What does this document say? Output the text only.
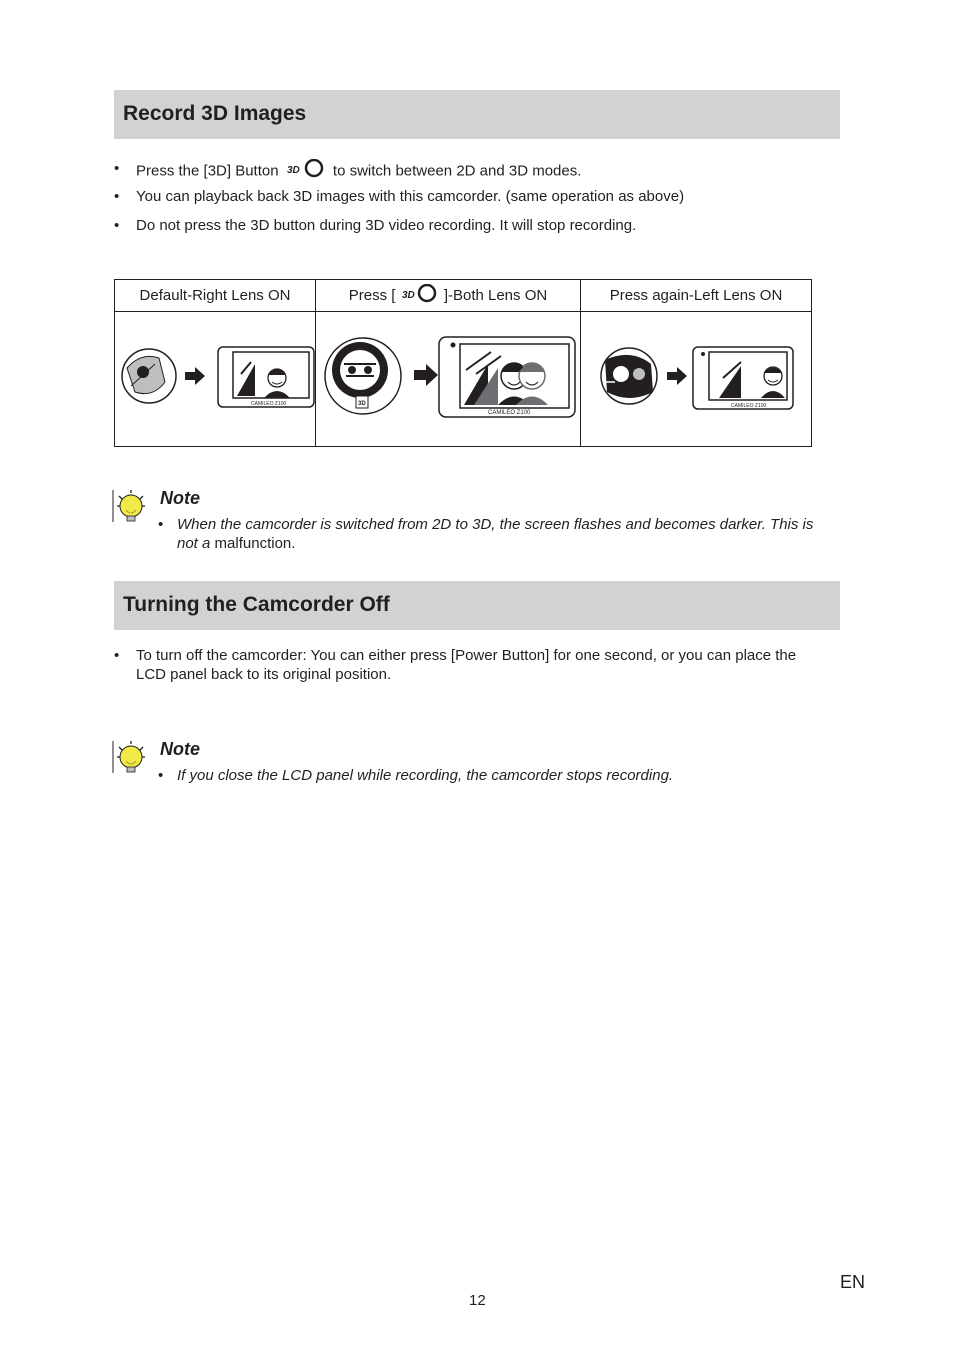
Record 3D Images
• Press the [3D] Button 3D to switch between 2D and 3D modes.
• You can playback back 3D images with this camcorder. (same operation as above)
• Do not press the 3D button during 3D video recording. It will stop recording.
Default-Right Lens ON	Press [ 3D ]-Both Lens ON	Press again-Left Lens ON

CAMILEO Z100	3D
CAMILEO Z100	CAMILEO Z100
Note
• When the camcorder is switched from 2D to 3D, the screen flashes and becomes darker. This is not a malfunction.
Turning the Camcorder Off
• To turn off the camcorder: You can either press [Power Button] for one second, or you can place the LCD panel back to its original position.
Note
• If you close the LCD panel while recording, the camcorder stops recording.
EN
12
